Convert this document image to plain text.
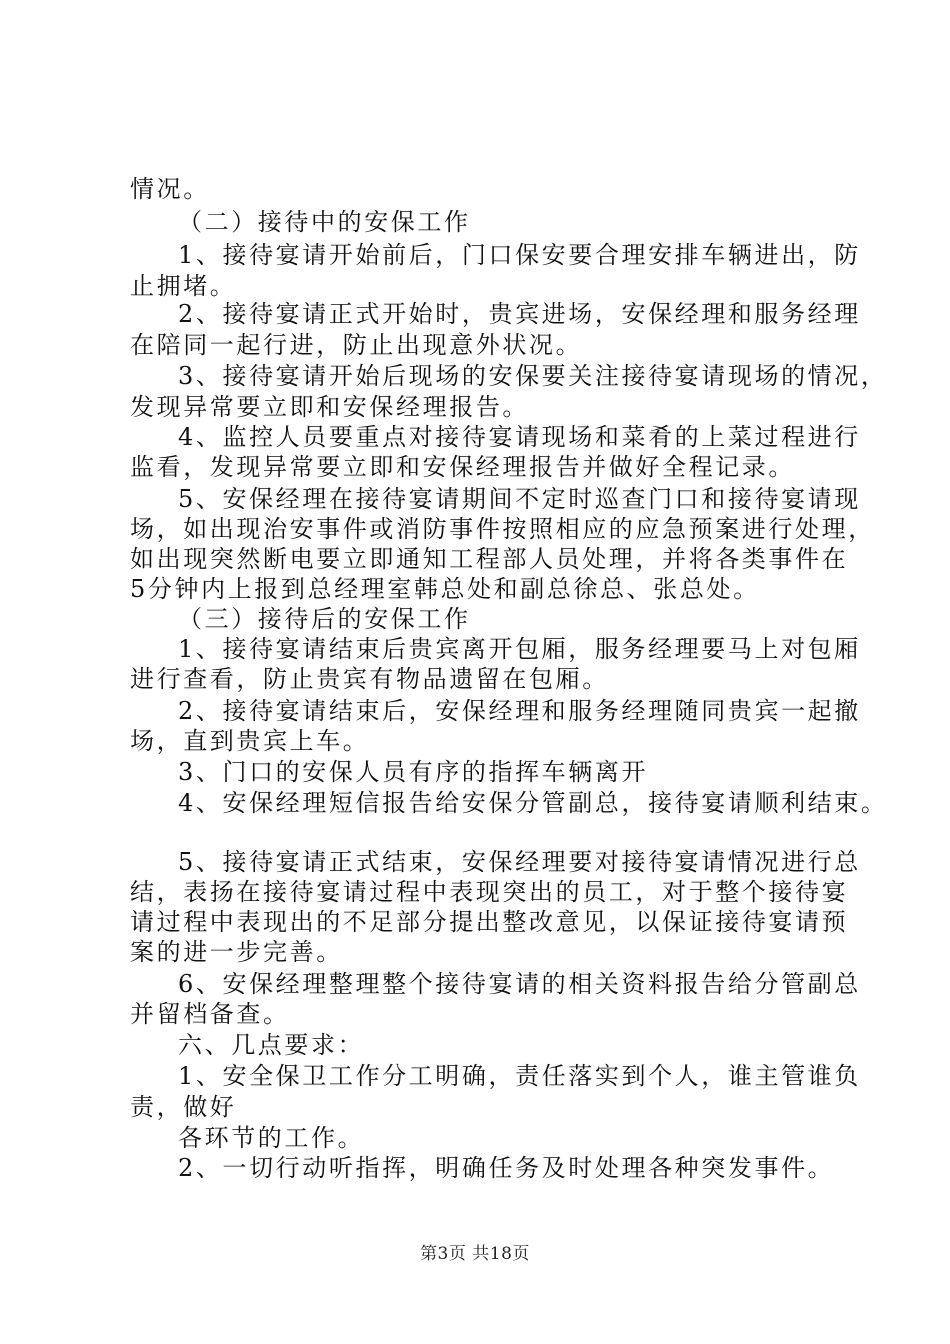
情况。
（二）接待中的安保工作
1、接待宴请开始前后，门口保安要合理安排车辆进出，防
止拥堵。
2、接待宴请正式开始时，贵宾进场，安保经理和服务经理
在陪同一起行进，防止出现意外状况。
3、接待宴请开始后现场的安保要关注接待宴请现场的情况，
发现异常要立即和安保经理报告。
4、监控人员要重点对接待宴请现场和菜肴的上菜过程进行
监看，发现异常要立即和安保经理报告并做好全程记录。
5、安保经理在接待宴请期间不定时巡查门口和接待宴请现
场，如出现治安事件或消防事件按照相应的应急预案进行处理，
如出现突然断电要立即通知工程部人员处理，并将各类事件在
5分钟内上报到总经理室韩总处和副总徐总、张总处。
（三）接待后的安保工作
1、接待宴请结束后贵宾离开包厢，服务经理要马上对包厢
进行查看，防止贵宾有物品遗留在包厢。
2、接待宴请结束后，安保经理和服务经理随同贵宾一起撤
场，直到贵宾上车。
3、门口的安保人员有序的指挥车辆离开
4、安保经理短信报告给安保分管副总，接待宴请顺利结束。
5、接待宴请正式结束，安保经理要对接待宴请情况进行总
结，表扬在接待宴请过程中表现突出的员工，对于整个接待宴
请过程中表现出的不足部分提出整改意见，以保证接待宴请预
案的进一步完善。
6、安保经理整理整个接待宴请的相关资料报告给分管副总
并留档备查。
六、几点要求：
1、安全保卫工作分工明确，责任落实到个人，谁主管谁负
责，做好
各环节的工作。
2、一切行动听指挥，明确任务及时处理各种突发事件。
第3页 共18页
